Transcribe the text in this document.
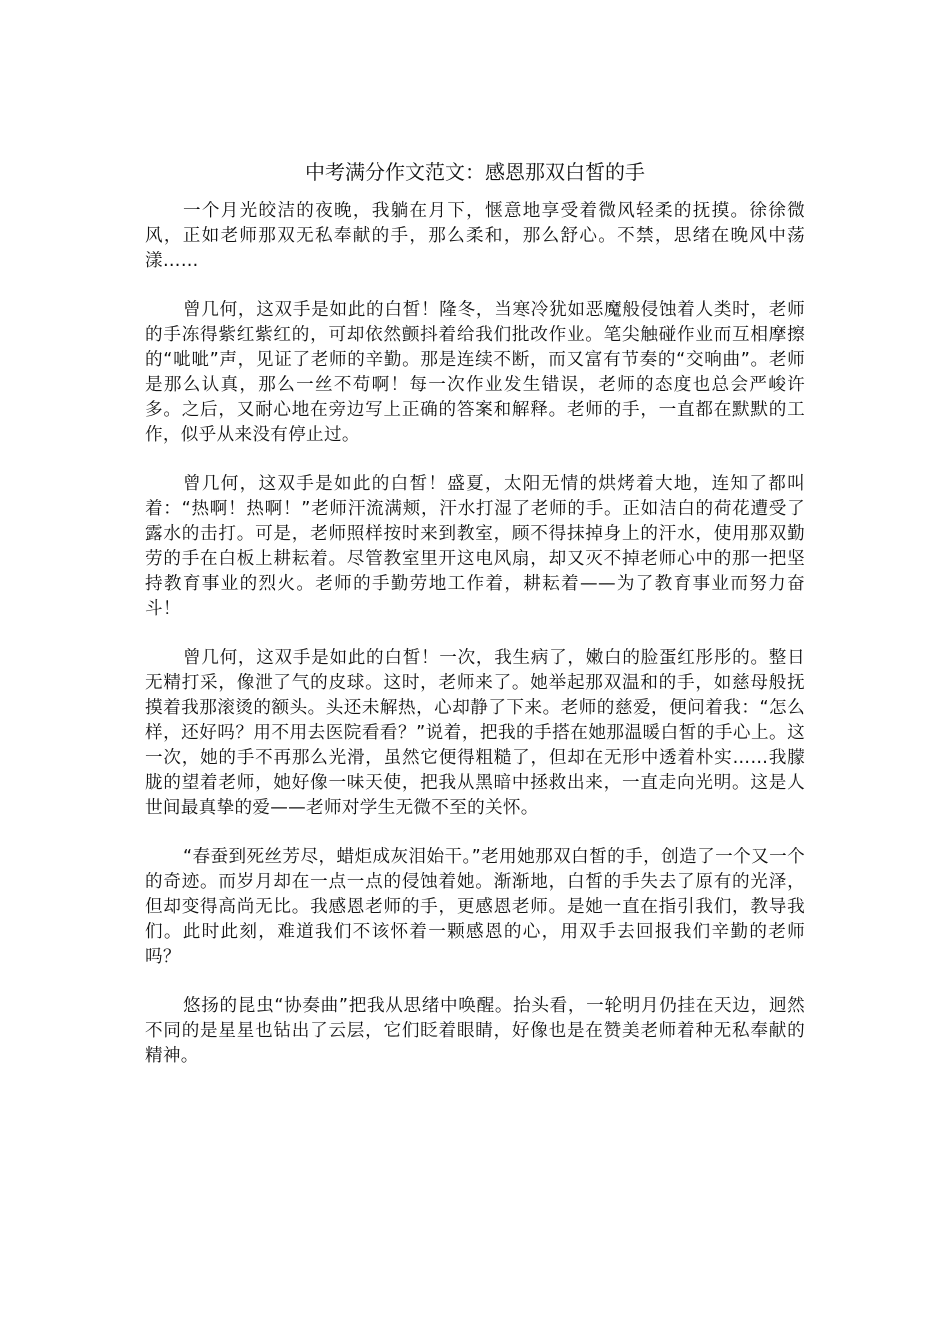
中考满分作文范文：感恩那双白皙的手

一个月光皎洁的夜晚，我躺在月下，惬意地享受着微风轻柔的抚摸。徐徐微风，正如老师那双无私奉献的手，那么柔和，那么舒心。不禁，思绪在晚风中荡漾……

曾几何，这双手是如此的白皙！隆冬，当寒冷犹如恶魔般侵蚀着人类时，老师的手冻得紫红紫红的，可却依然颤抖着给我们批改作业。笔尖触碰作业而互相摩擦的“呲呲”声，见证了老师的辛勤。那是连续不断，而又富有节奏的“交响曲”。老师是那么认真，那么一丝不苟啊！每一次作业发生错误，老师的态度也总会严峻许多。之后，又耐心地在旁边写上正确的答案和解释。老师的手，一直都在默默的工作，似乎从来没有停止过。

曾几何，这双手是如此的白皙！盛夏，太阳无情的烘烤着大地，连知了都叫着：“热啊！热啊！”老师汗流满颊，汗水打湿了老师的手。正如洁白的荷花遭受了露水的击打。可是，老师照样按时来到教室，顾不得抹掉身上的汗水，使用那双勤劳的手在白板上耕耘着。尽管教室里开这电风扇，却又灭不掉老师心中的那一把坚持教育事业的烈火。老师的手勤劳地工作着，耕耘着——为了教育事业而努力奋斗！

曾几何，这双手是如此的白皙！一次，我生病了，嫩白的脸蛋红彤彤的。整日无精打采，像泄了气的皮球。这时，老师来了。她举起那双温和的手，如慈母般抚摸着我那滚烫的额头。头还未解热，心却静了下来。老师的慈爱，便问着我：“怎么样，还好吗？用不用去医院看看？”说着，把我的手搭在她那温暖白皙的手心上。这一次，她的手不再那么光滑，虽然它便得粗糙了，但却在无形中透着朴实……我朦胧的望着老师，她好像一味天使，把我从黑暗中拯救出来，一直走向光明。这是人世间最真挚的爱——老师对学生无微不至的关怀。

“春蚕到死丝芳尽，蜡炬成灰泪始干。”老用她那双白皙的手，创造了一个又一个的奇迹。而岁月却在一点一点的侵蚀着她。渐渐地，白皙的手失去了原有的光泽，但却变得高尚无比。我感恩老师的手，更感恩老师。是她一直在指引我们，教导我们。此时此刻，难道我们不该怀着一颗感恩的心，用双手去回报我们辛勤的老师吗？

悠扬的昆虫“协奏曲”把我从思绪中唤醒。抬头看，一轮明月仍挂在天边，迥然不同的是星星也钻出了云层，它们眨着眼睛，好像也是在赞美老师着种无私奉献的精神。
